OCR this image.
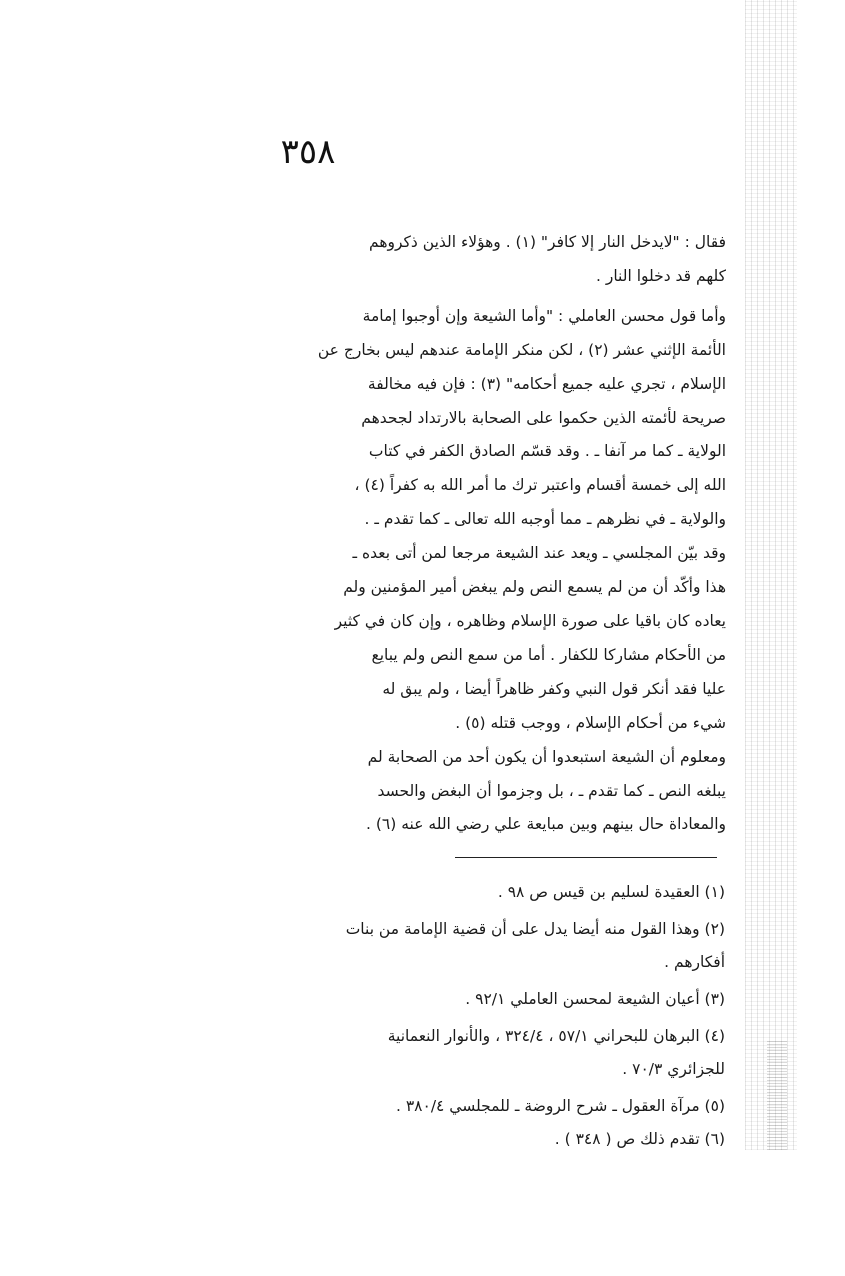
٣٥٨
فقال : "لايدخل النار إلا كافر" (١) . وهؤلاء الذين ذكروهم
كلهم قد دخلوا النار .
وأما قول محسن العاملي : "وأما الشيعة وإن أوجبوا إمامة
الأئمة الإثني عشر (٢) ، لكن منكر الإمامة عندهم ليس بخارج عن
الإسلام ، تجري عليه جميع أحكامه" (٣) : فإن فيه مخالفة
صريحة لأئمته الذين حكموا على الصحابة بالارتداد لجحدهم
الولاية ـ كما مر آنفا ـ . وقد قسّم الصادق الكفر في كتاب
الله إلى خمسة أقسام واعتبر ترك ما أمر الله به كفراً (٤) ،
والولاية ـ في نظرهم ـ مما أوجبه الله تعالى ـ كما تقدم ـ .
وقد بيّن المجلسي ـ ويعد عند الشيعة مرجعا لمن أتى بعده ـ
هذا وأكّد أن من لم يسمع النص ولم يبغض أمير المؤمنين ولم
يعاده كان باقيا على صورة الإسلام وظاهره ، وإن كان في كثير
من الأحكام مشاركا للكفار . أما من سمع النص ولم يبايع
عليا فقد أنكر قول النبي وكفر ظاهراً أيضا ، ولم يبق له
شيء من أحكام الإسلام ، ووجب قتله (٥) .
ومعلوم أن الشيعة استبعدوا أن يكون أحد من الصحابة لم
يبلغه النص ـ كما تقدم ـ ، بل وجزموا أن البغض والحسد
والمعاداة حال بينهم وبين مبايعة علي رضي الله عنه (٦) .
(١) العقيدة لسليم بن قيس ص ٩٨ .
(٢) وهذا القول منه أيضا يدل على أن قضية الإمامة من بنات
أفكارهم .
(٣) أعيان الشيعة لمحسن العاملي ٩٢/١ .
(٤) البرهان للبحراني ٥٧/١ ، ٣٢٤/٤ ، والأنوار النعمانية
للجزائري ٧٠/٣ .
(٥) مرآة العقول ـ شرح الروضة ـ للمجلسي ٣٨٠/٤ .
(٦) تقدم ذلك ص ( ٣٤٨ ) .
